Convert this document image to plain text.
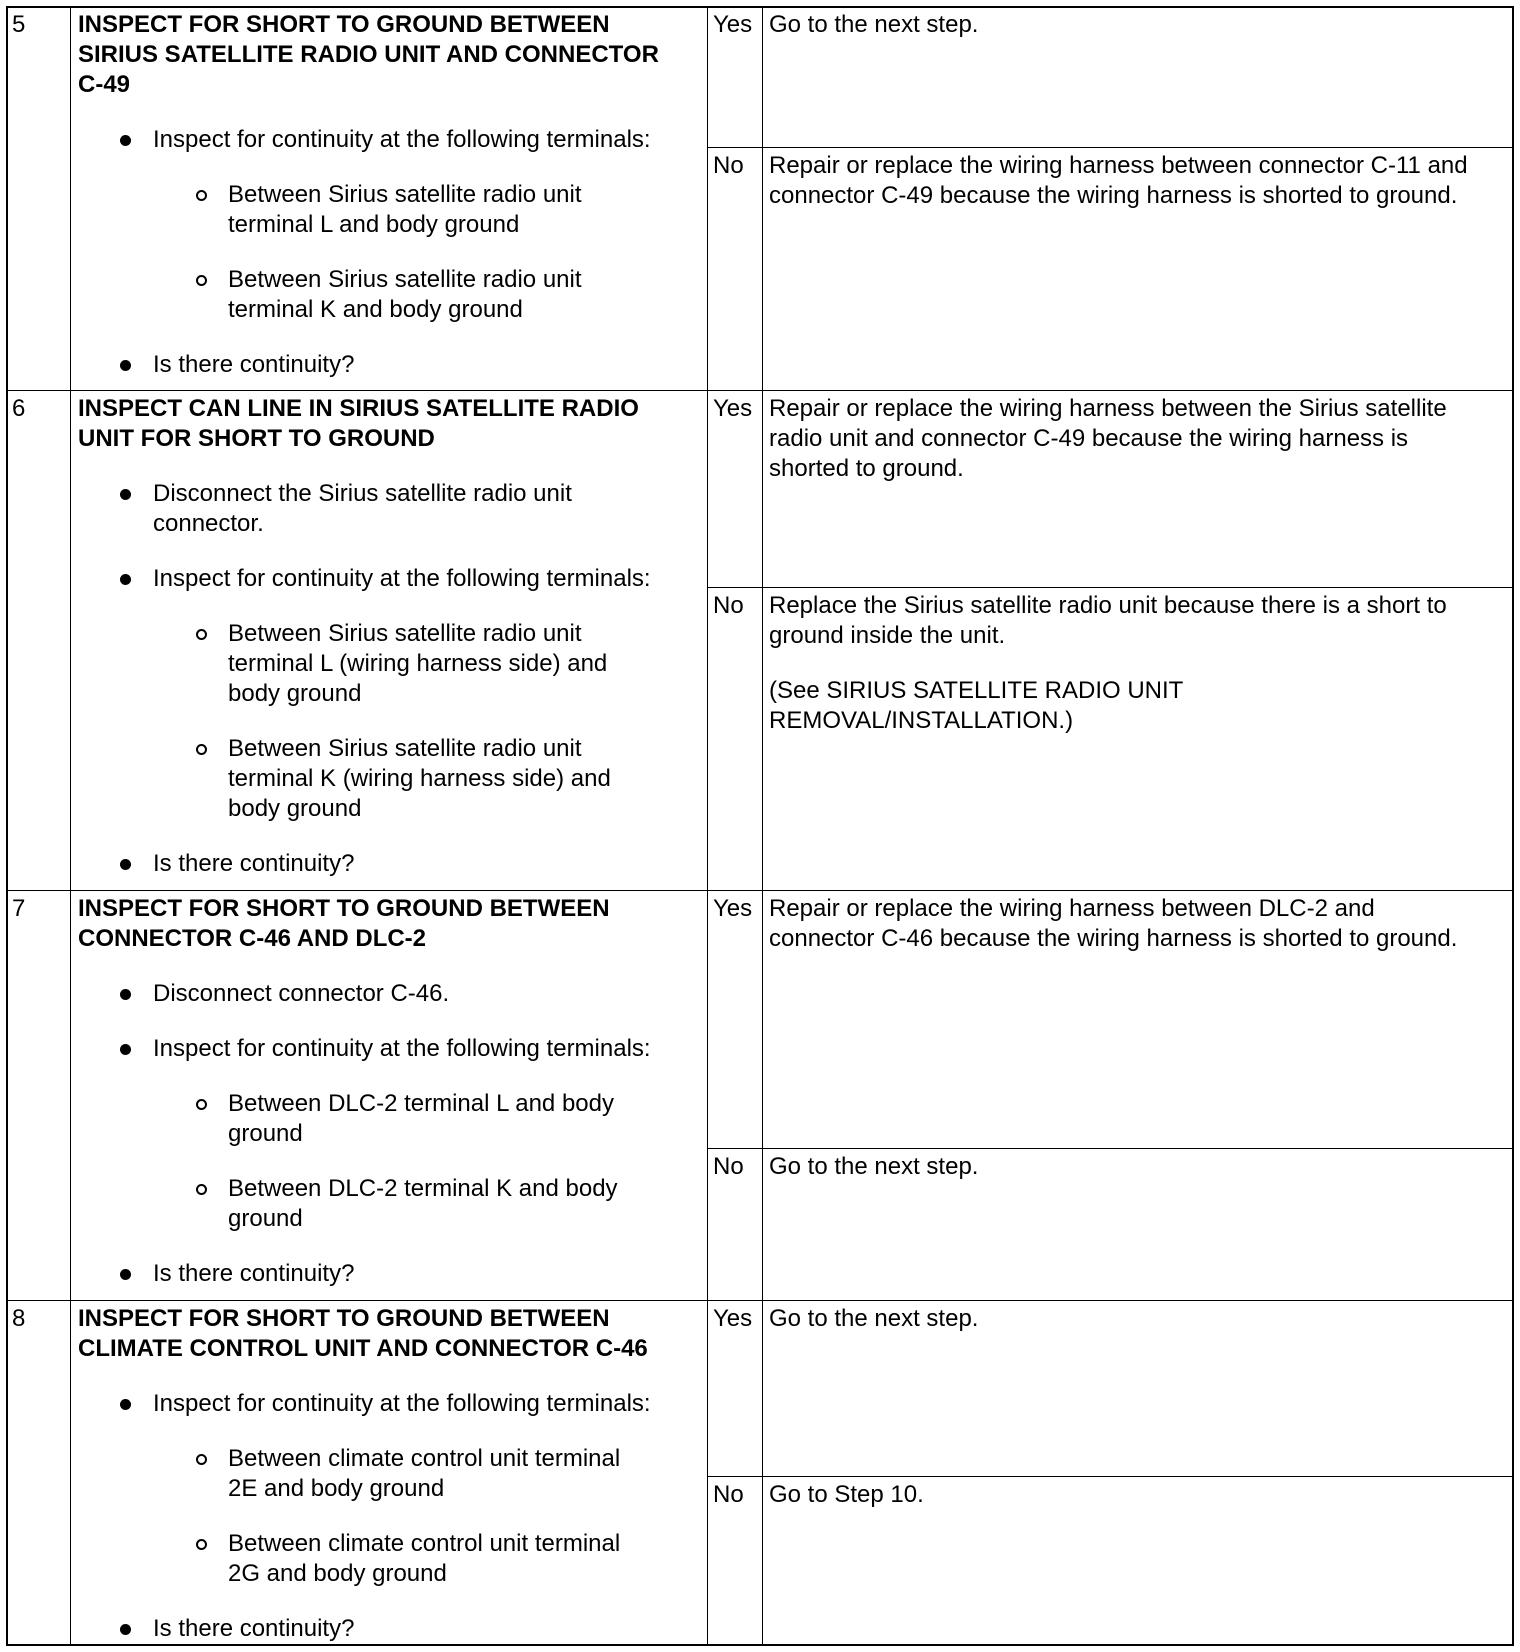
5 INSPECT FOR SHORT TO GROUND BETWEEN
SIRIUS SATELLITE RADIO UNIT AND CONNECTOR
C-49
Inspect for continuity at the following terminals:
Between Sirius satellite radio unit
terminal L and body ground
Between Sirius satellite radio unit
terminal K and body ground
Is there continuity?
Yes Go to the next step.
No Repair or replace the wiring harness between connector C-11 and
connector C-49 because the wiring harness is shorted to ground.
6 INSPECT CAN LINE IN SIRIUS SATELLITE RADIO
UNIT FOR SHORT TO GROUND
Disconnect the Sirius satellite radio unit
connector.
Inspect for continuity at the following terminals:
Between Sirius satellite radio unit
terminal L (wiring harness side) and
body ground
Between Sirius satellite radio unit
terminal K (wiring harness side) and
body ground
Is there continuity?
Yes Repair or replace the wiring harness between the Sirius satellite
radio unit and connector C-49 because the wiring harness is
shorted to ground.
No Replace the Sirius satellite radio unit because there is a short to
ground inside the unit.
(See SIRIUS SATELLITE RADIO UNIT
REMOVAL/INSTALLATION.)
7 INSPECT FOR SHORT TO GROUND BETWEEN
CONNECTOR C-46 AND DLC-2
Disconnect connector C-46.
Inspect for continuity at the following terminals:
Between DLC-2 terminal L and body
ground
Between DLC-2 terminal K and body
ground
Is there continuity?
Yes Repair or replace the wiring harness between DLC-2 and
connector C-46 because the wiring harness is shorted to ground.
No Go to the next step.
8 INSPECT FOR SHORT TO GROUND BETWEEN
CLIMATE CONTROL UNIT AND CONNECTOR C-46
Inspect for continuity at the following terminals:
Between climate control unit terminal
2E and body ground
Between climate control unit terminal
2G and body ground
Is there continuity?
Yes Go to the next step.
No Go to Step 10.
